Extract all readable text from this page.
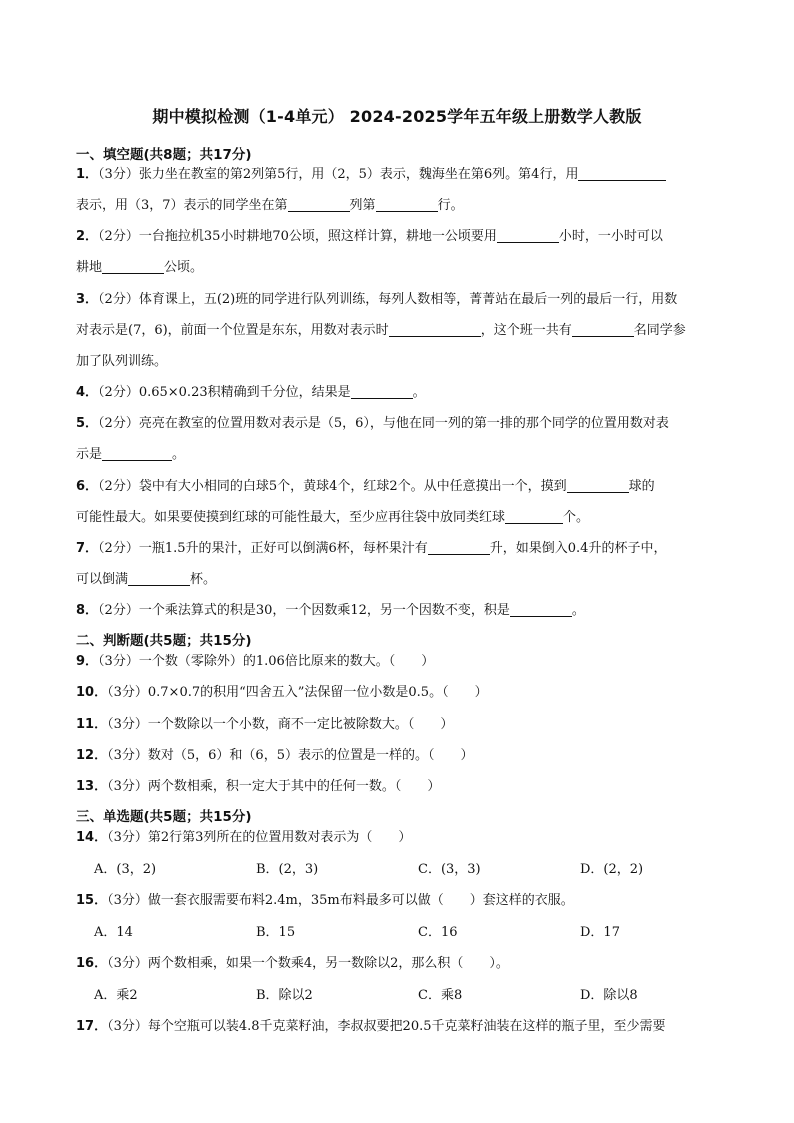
期中模拟检测（1-4单元） 2024-2025学年五年级上册数学人教版
一、填空题(共8题；共17分)
1．（3分）张力坐在教室的第2列第5行，用（2，5）表示，魏海坐在第6列。第4行，用
表示，用（3，7）表示的同学坐在第	列第	行。
2．（2分）一台拖拉机35小时耕地70公顷，照这样计算，耕地一公顷要用	小时，一小时可以
耕地	公顷。
3．（2分）体育课上，五(2)班的同学进行队列训练，每列人数相等，菁菁站在最后一列的最后一行，用数
对表示是(7，6)，前面一个位置是东东，用数对表示时	，这个班一共有	名同学参
加了队列训练。
4．（2分）0.65×0.23积精确到千分位，结果是	。
5．（2分）亮亮在教室的位置用数对表示是（5，6），与他在同一列的第一排的那个同学的位置用数对表
示是	。
6．（2分）袋中有大小相同的白球5个，黄球4个，红球2个。从中任意摸出一个，摸到	球的
可能性最大。如果要使摸到红球的可能性最大，至少应再往袋中放同类红球	个。
7．（2分）一瓶1.5升的果汁，正好可以倒满6杯，每杯果汁有	升，如果倒入0.4升的杯子中，
可以倒满	杯。
8．（2分）一个乘法算式的积是30，一个因数乘12，另一个因数不变，积是	。
二、判断题(共5题；共15分)
9．（3分）一个数（零除外）的1.06倍比原来的数大。（　　）
10．（3分）0.7×0.7的积用“四舍五入”法保留一位小数是0.5。（　　）
11．（3分）一个数除以一个小数，商不一定比被除数大。（　　）
12．（3分）数对（5，6）和（6，5）表示的位置是一样的。（　　）
13．（3分）两个数相乘，积一定大于其中的任何一数。（　　）
三、单选题(共5题；共15分)
14．（3分）第2行第3列所在的位置用数对表示为（　　）
A．(3，2)	B．(2，3)	C．(3，3)	D．(2，2)
15．（3分）做一套衣服需要布料2.4m，35m布料最多可以做（　　）套这样的衣服。
A．14	B．15	C．16	D．17
16．（3分）两个数相乘，如果一个数乘4，另一数除以2，那么积（　　）。
A．乘2	B．除以2	C．乘8	D．除以8
17．（3分）每个空瓶可以装4.8千克菜籽油，李叔叔要把20.5千克菜籽油装在这样的瓶子里，至少需要
